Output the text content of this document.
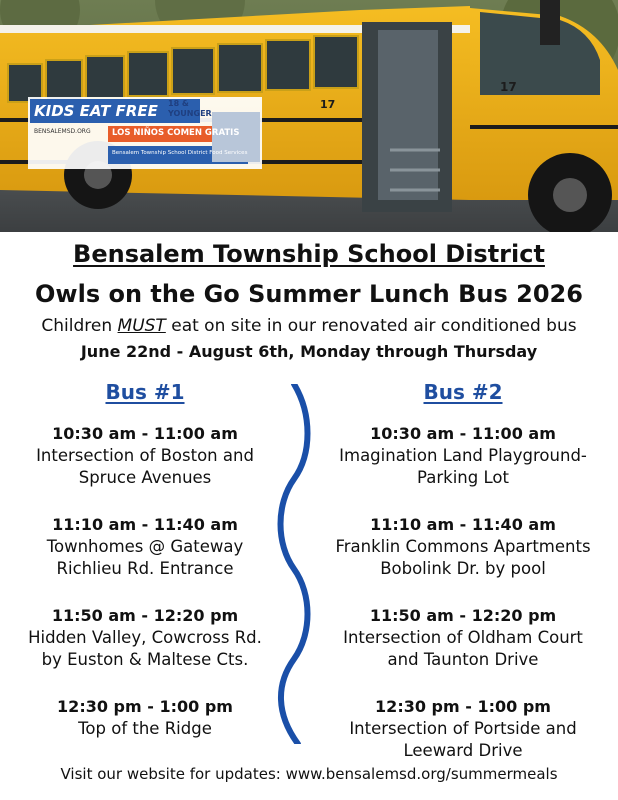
KIDS EAT FREE 18 & YOUNGER
LOS NIÑOS COMEN GRATIS
Bensalem Township School District Food Services
BENSALEMSD.ORG
17
17
Bensalem Township School District
Owls on the Go Summer Lunch Bus 2026
Children MUST eat on site in our renovated air conditioned bus
June 22nd - August 6th, Monday through Thursday
Bus #1
10:30 am - 11:00 am
Intersection of Boston and
Spruce Avenues
11:10 am - 11:40 am
Townhomes @ Gateway
Richlieu Rd. Entrance
11:50 am - 12:20 pm
Hidden Valley, Cowcross Rd.
by Euston & Maltese Cts.
12:30 pm - 1:00 pm
Top of the Ridge
Bus #2
10:30 am - 11:00 am
Imagination Land Playground-
Parking Lot
11:10 am - 11:40 am
Franklin Commons Apartments
Bobolink Dr. by pool
11:50 am - 12:20 pm
Intersection of Oldham Court
and Taunton Drive
12:30 pm - 1:00 pm
Intersection of Portside and
Leeward Drive
Visit our website for updates: www.bensalemsd.org/summermeals
